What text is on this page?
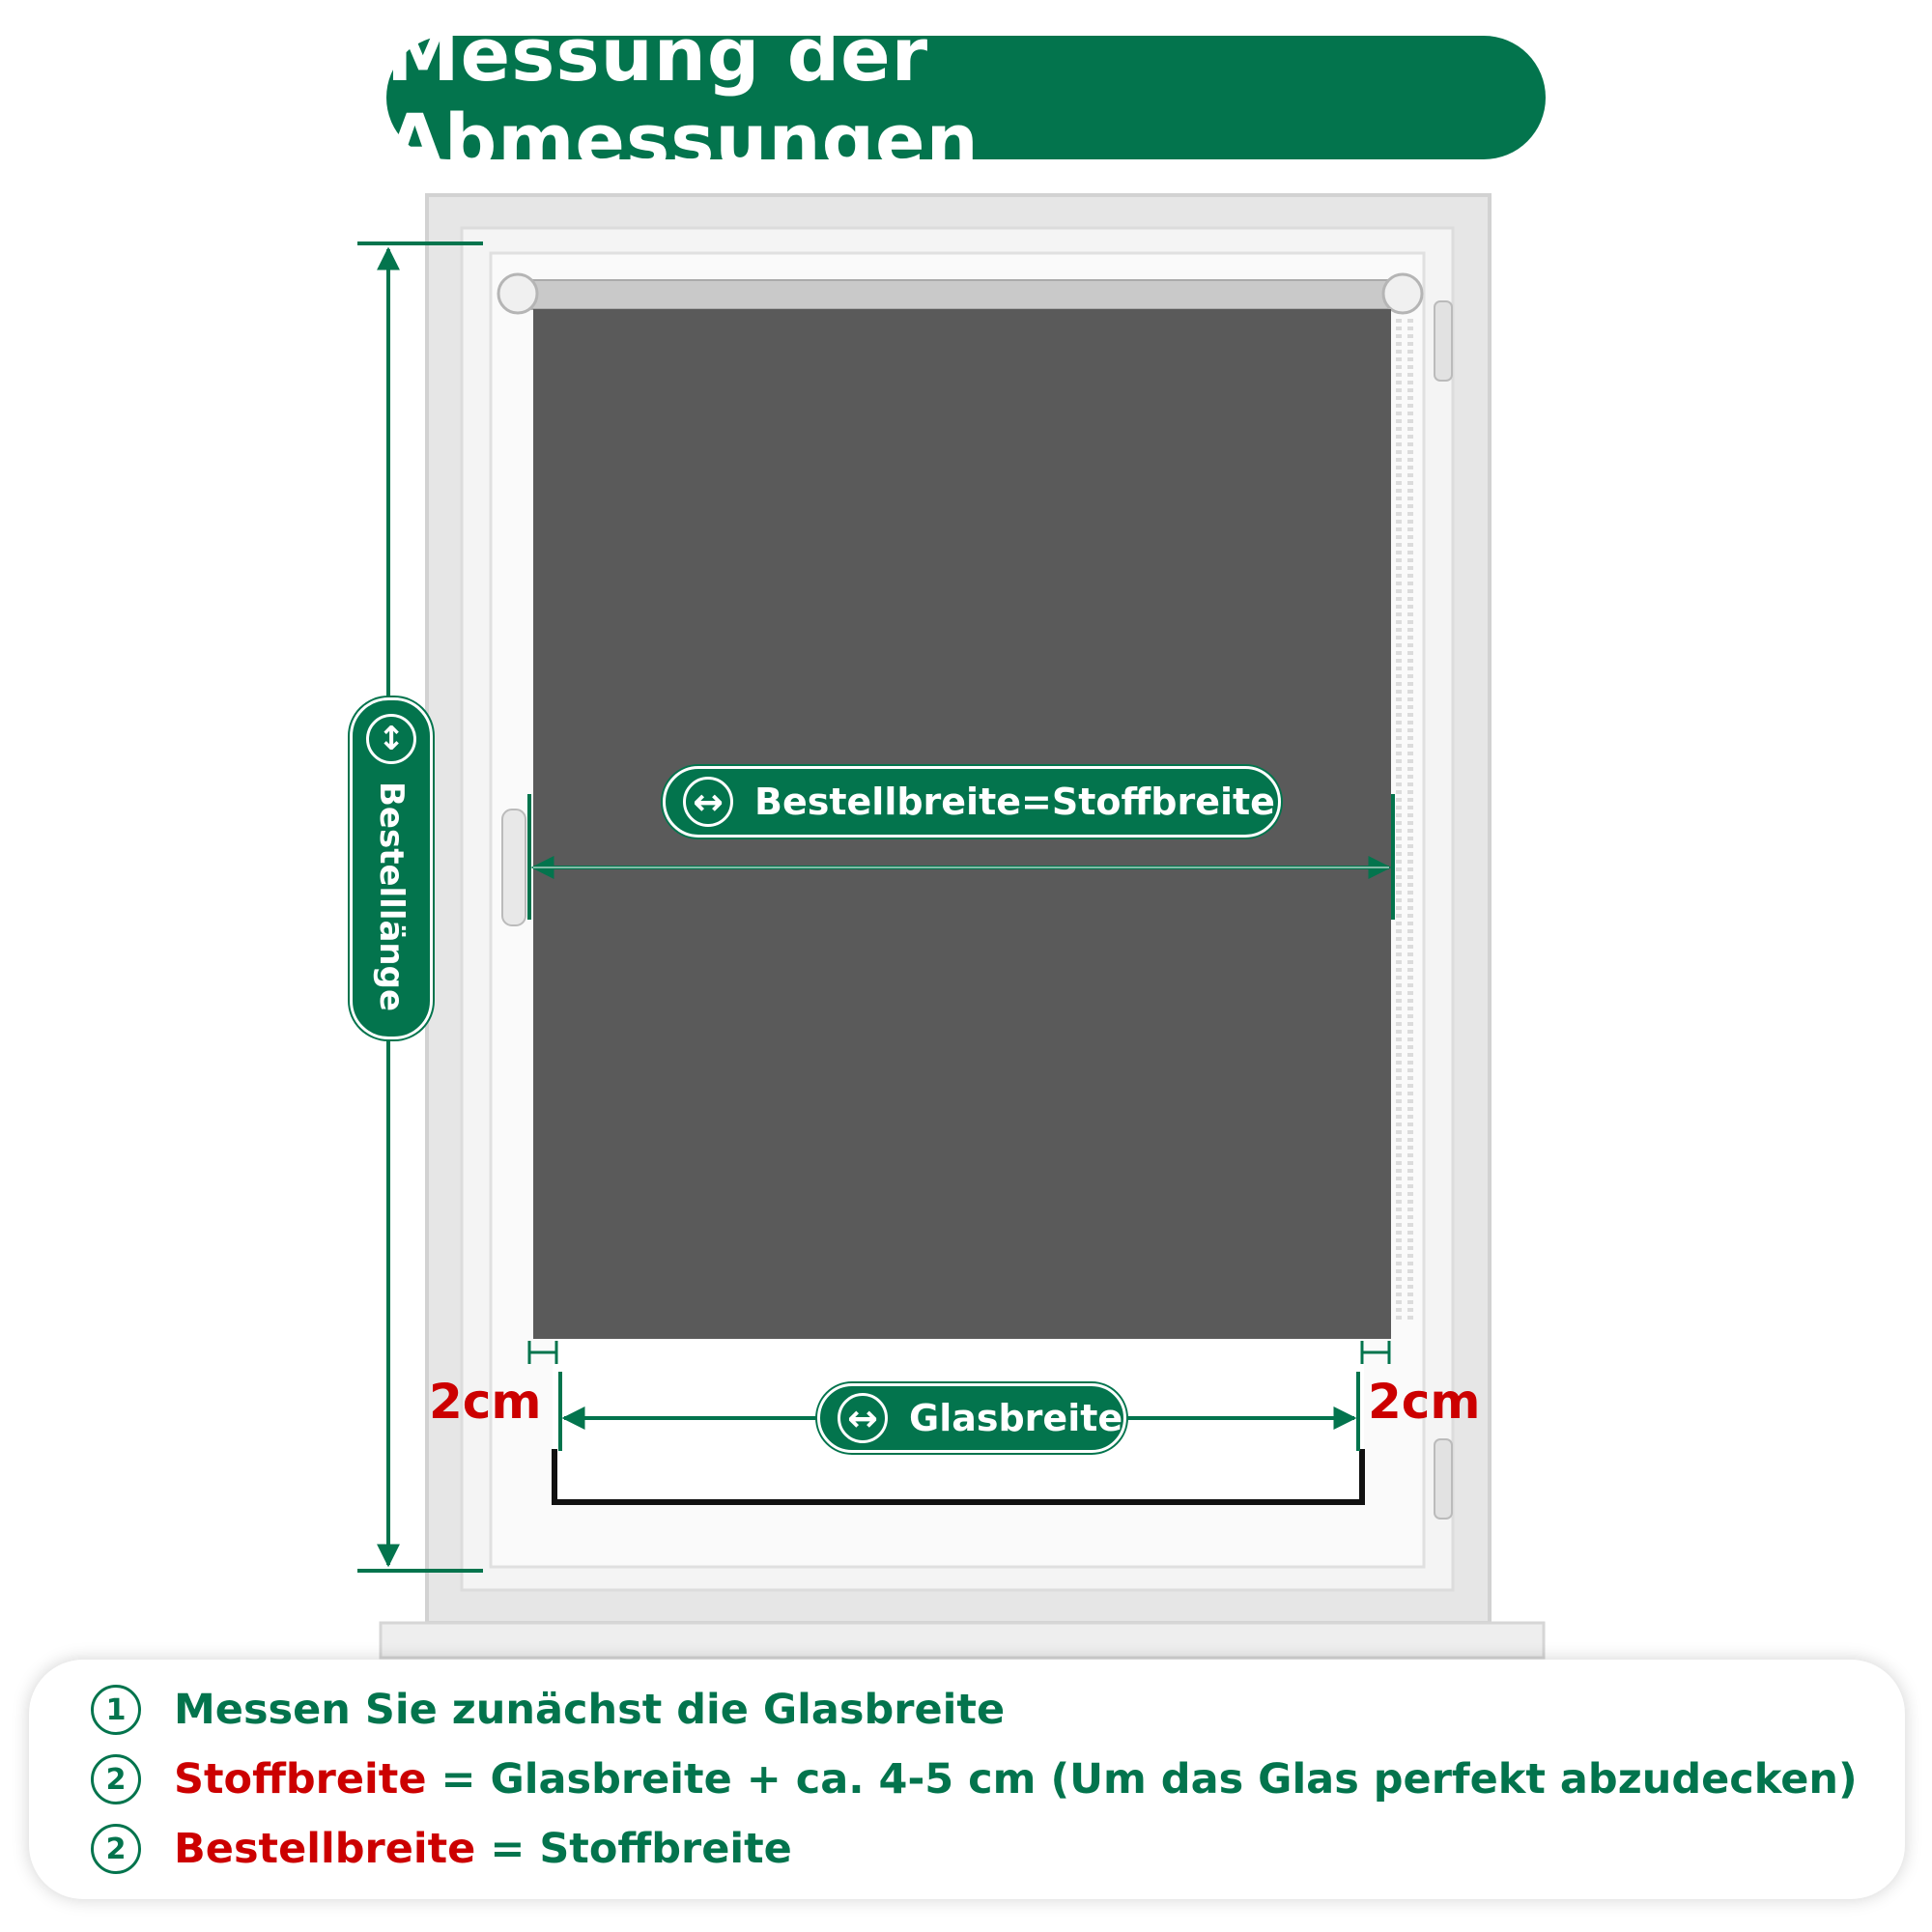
Messung der Abmessungen
↔ Bestellbreite=Stoffbreite
↔ Glasbreite
↕
Bestelllänge
2cm	2cm
1	Messen Sie zunächst die Glasbreite
2	Stoffbreite = Glasbreite + ca. 4-5 cm (Um das Glas perfekt abzudecken)
2	Bestellbreite = Stoffbreite
